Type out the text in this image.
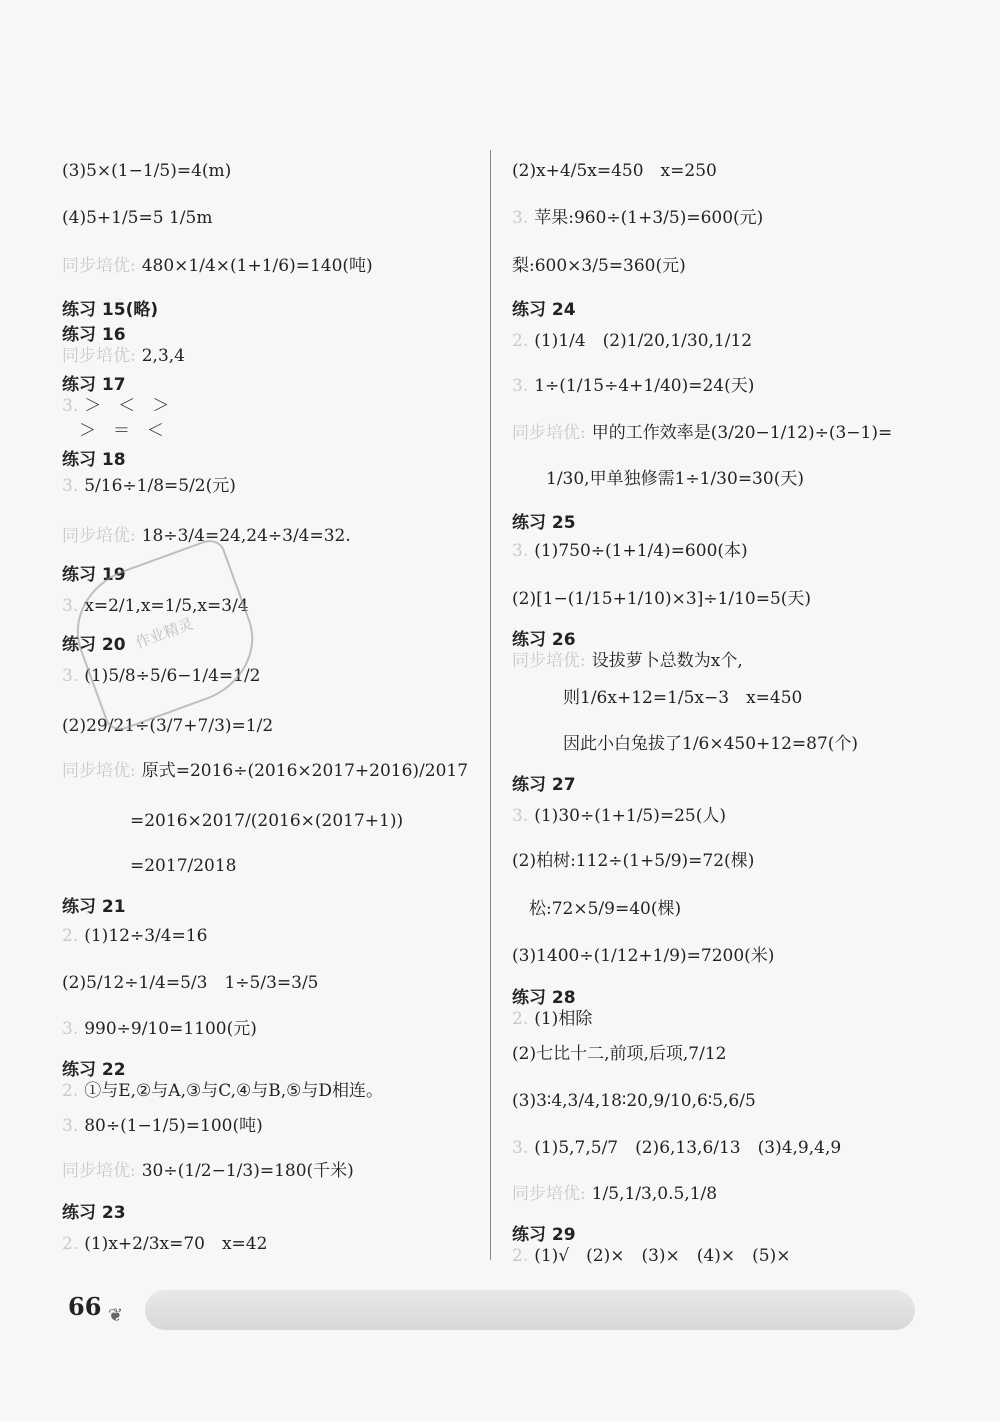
(3)5×(1−1/5)=4(m)
(4)5+1/5=5 1/5m
同步培优: 480×1/4×(1+1/6)=140(吨)
练习 15(略)
练习 16
同步培优: 2,3,4
练习 17
3. ＞　＜　＞
　＞　＝　＜
练习 18
3. 5/16÷1/8=5/2(元)
同步培优: 18÷3/4=24,24÷3/4=32.
练习 19
3. x=2/1,x=1/5,x=3/4
练习 20
3. (1)5/8÷5/6−1/4=1/2
(2)29/21÷(3/7+7/3)=1/2
同步培优: 原式=2016÷(2016×2017+2016)/2017
　　　　=2016×2017/(2016×(2017+1))
　　　　=2017/2018
练习 21
2. (1)12÷3/4=16
(2)5/12÷1/4=5/3　1÷5/3=3/5
3. 990÷9/10=1100(元)
练习 22
2. ①与E,②与A,③与C,④与B,⑤与D相连。
3. 80÷(1−1/5)=100(吨)
同步培优: 30÷(1/2−1/3)=180(千米)
练习 23
2. (1)x+2/3x=70　x=42
(2)x+4/5x=450　x=250
3. 苹果:960÷(1+3/5)=600(元)
梨:600×3/5=360(元)
练习 24
2. (1)1/4　(2)1/20,1/30,1/12
3. 1÷(1/15÷4+1/40)=24(天)
同步培优: 甲的工作效率是(3/20−1/12)÷(3−1)=
　　1/30,甲单独修需1÷1/30=30(天)
练习 25
3. (1)750÷(1+1/4)=600(本)
(2)[1−(1/15+1/10)×3]÷1/10=5(天)
练习 26
同步培优: 设拔萝卜总数为x个,
　　　则1/6x+12=1/5x−3　x=450
　　　因此小白兔拔了1/6×450+12=87(个)
练习 27
3. (1)30÷(1+1/5)=25(人)
(2)柏树:112÷(1+5/9)=72(棵)
　松:72×5/9=40(棵)
(3)1400÷(1/12+1/9)=7200(米)
练习 28
2. (1)相除
(2)七比十二,前项,后项,7/12
(3)3∶4,3/4,18∶20,9/10,6∶5,6/5
3. (1)5,7,5/7　(2)6,13,6/13　(3)4,9,4,9
同步培优: 1/5,1/3,0.5,1/8
练习 29
2. (1)√　(2)×　(3)×　(4)×　(5)×
作业精灵
66 ❦
